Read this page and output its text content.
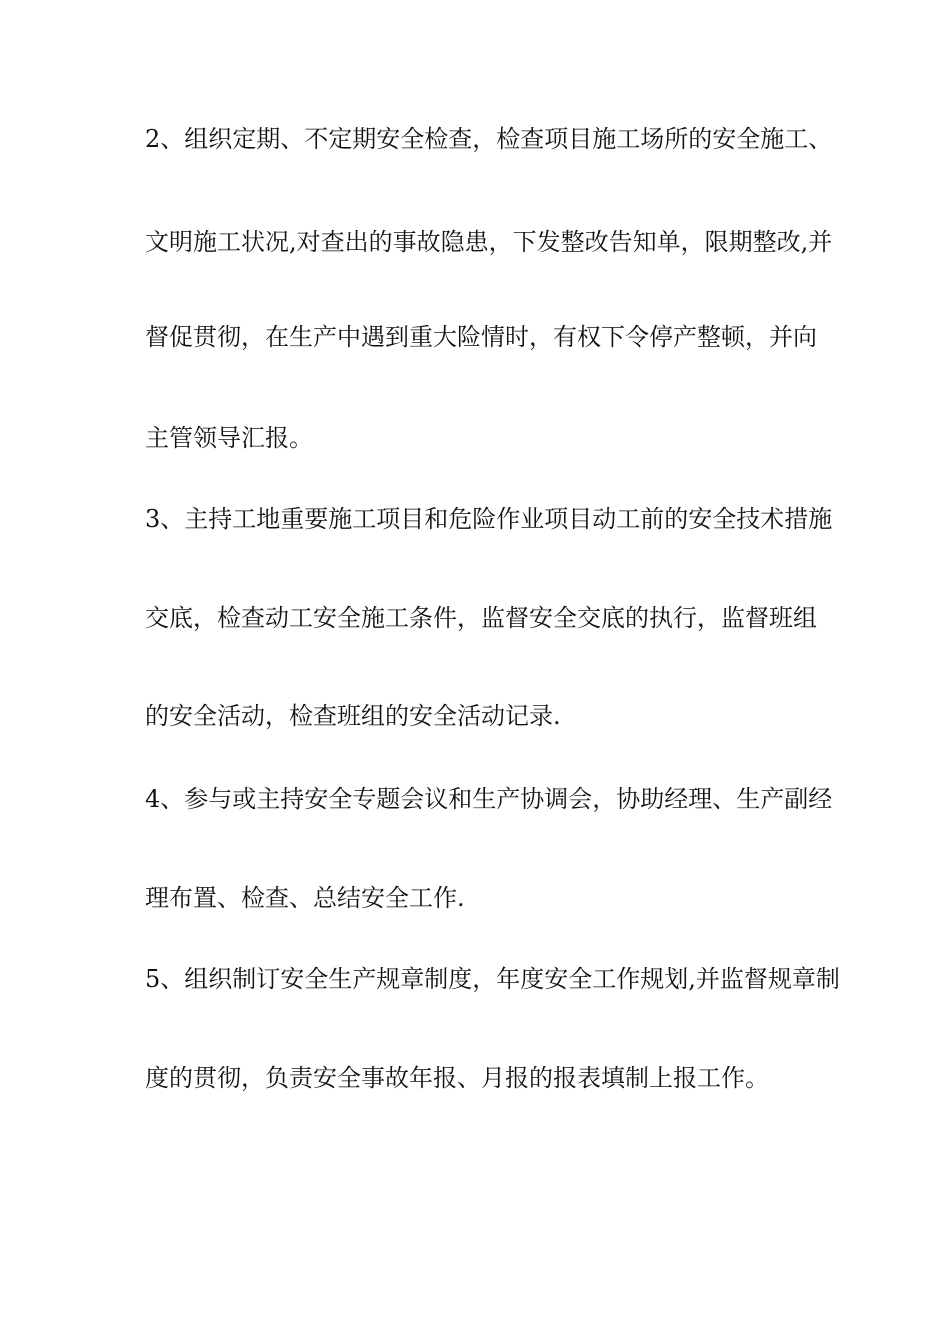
2、组织定期、不定期安全检查，检查项目施工场所的安全施工、
文明施工状况,对查出的事故隐患，下发整改告知单，限期整改,并
督促贯彻，在生产中遇到重大险情时，有权下令停产整顿，并向
主管领导汇报。
3、主持工地重要施工项目和危险作业项目动工前的安全技术措施
交底，检查动工安全施工条件，监督安全交底的执行，监督班组
的安全活动，检查班组的安全活动记录.
4、参与或主持安全专题会议和生产协调会，协助经理、生产副经
理布置、检查、总结安全工作.
5、组织制订安全生产规章制度，年度安全工作规划,并监督规章制
度的贯彻，负责安全事故年报、月报的报表填制上报工作。
